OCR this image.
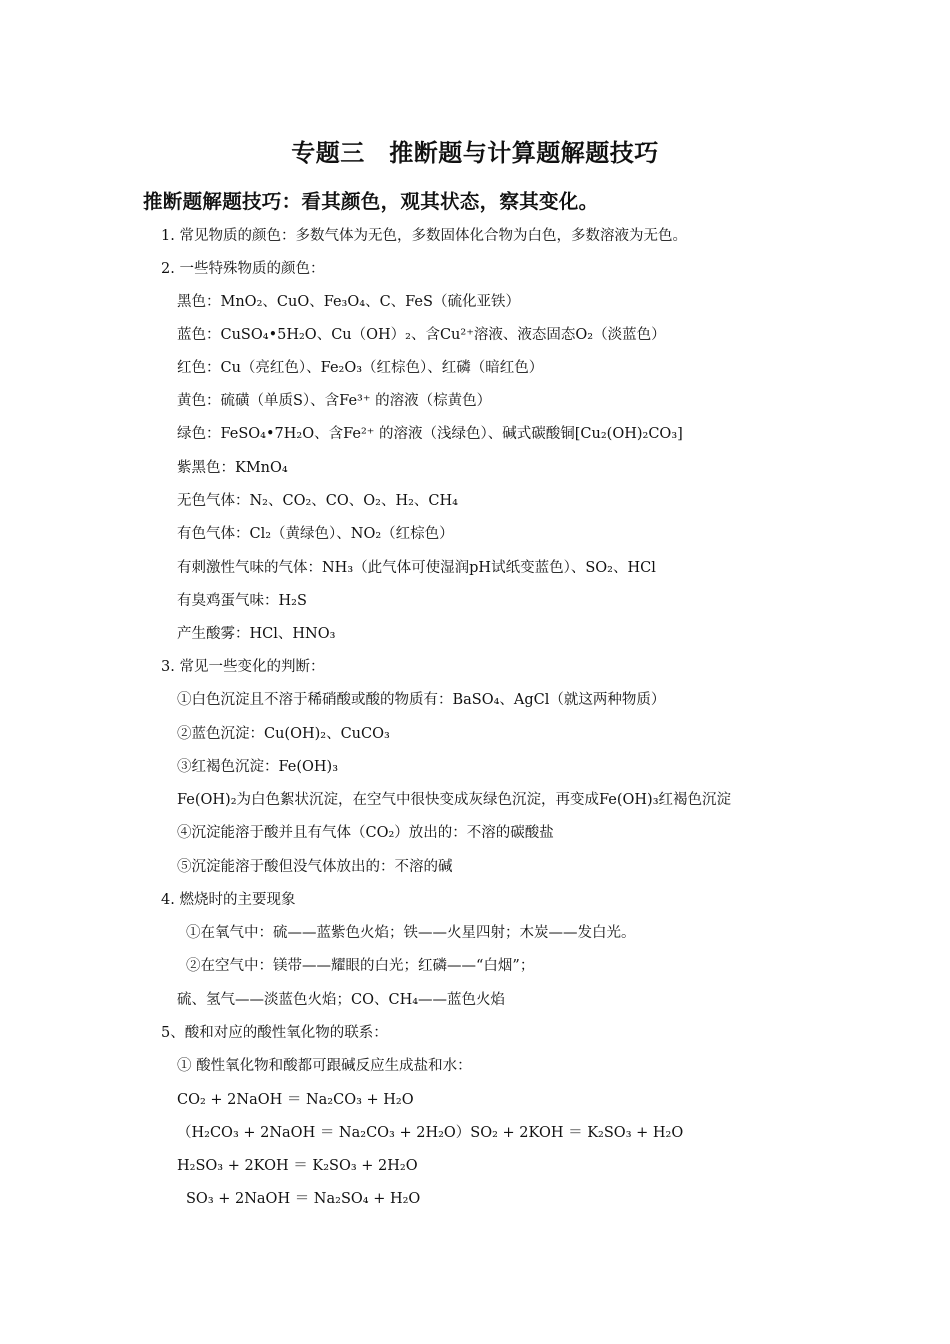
专题三　推断题与计算题解题技巧
推断题解题技巧：看其颜色，观其状态，察其变化。
1. 常见物质的颜色：多数气体为无色，多数固体化合物为白色，多数溶液为无色。
2. 一些特殊物质的颜色：
黑色：MnO₂、CuO、Fe₃O₄、C、FeS（硫化亚铁）
蓝色：CuSO₄•5H₂O、Cu（OH）₂、含Cu²⁺溶液、液态固态O₂（淡蓝色）
红色：Cu（亮红色）、Fe₂O₃（红棕色）、红磷（暗红色）
黄色：硫磺（单质S）、含Fe³⁺ 的溶液（棕黄色）
绿色：FeSO₄•7H₂O、含Fe²⁺ 的溶液（浅绿色）、碱式碳酸铜[Cu₂(OH)₂CO₃]
紫黑色：KMnO₄
无色气体：N₂、CO₂、CO、O₂、H₂、CH₄
有色气体：Cl₂（黄绿色）、NO₂（红棕色）
有刺激性气味的气体：NH₃（此气体可使湿润pH试纸变蓝色）、SO₂、HCl
有臭鸡蛋气味：H₂S
产生酸雾：HCl、HNO₃
3. 常见一些变化的判断：
①白色沉淀且不溶于稀硝酸或酸的物质有：BaSO₄、AgCl（就这两种物质）
②蓝色沉淀：Cu(OH)₂、CuCO₃
③红褐色沉淀：Fe(OH)₃
Fe(OH)₂为白色絮状沉淀，在空气中很快变成灰绿色沉淀，再变成Fe(OH)₃红褐色沉淀
④沉淀能溶于酸并且有气体（CO₂）放出的：不溶的碳酸盐
⑤沉淀能溶于酸但没气体放出的：不溶的碱
4. 燃烧时的主要现象
①在氧气中：硫——蓝紫色火焰；铁——火星四射；木炭——发白光。
②在空气中：镁带——耀眼的白光；红磷——“白烟”；
硫、氢气——淡蓝色火焰；CO、CH₄——蓝色火焰
5、酸和对应的酸性氧化物的联系：
① 酸性氧化物和酸都可跟碱反应生成盐和水：
CO₂ + 2NaOH ＝ Na₂CO₃ + H₂O
（H₂CO₃ + 2NaOH ＝ Na₂CO₃ + 2H₂O）SO₂ + 2KOH ＝ K₂SO₃ + H₂O
H₂SO₃ + 2KOH ＝ K₂SO₃ + 2H₂O
SO₃ + 2NaOH ＝ Na₂SO₄ + H₂O
